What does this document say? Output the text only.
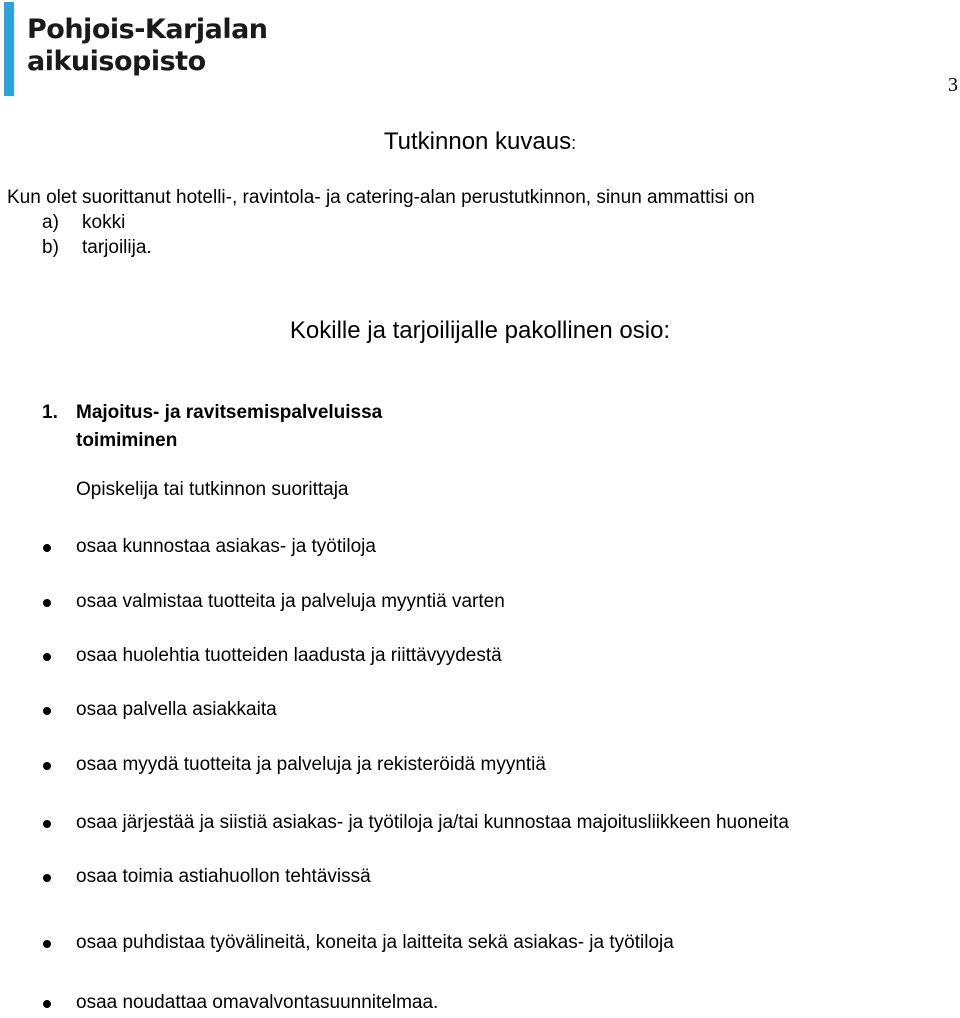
Pohjois-Karjalan
aikuisopisto
3
Tutkinnon kuvaus:
Kun olet suorittanut hotelli-, ravintola- ja catering-alan perustutkinnon, sinun ammattisi on
a) kokki
b) tarjoilija.
Kokille ja tarjoilijalle pakollinen osio:
1. Majoitus- ja ravitsemispalveluissa
toimiminen
Opiskelija tai tutkinnon suorittaja
osaa kunnostaa asiakas- ja työtiloja
osaa valmistaa tuotteita ja palveluja myyntiä varten
osaa huolehtia tuotteiden laadusta ja riittävyydestä
osaa palvella asiakkaita
osaa myydä tuotteita ja palveluja ja rekisteröidä myyntiä
osaa järjestää ja siistiä asiakas- ja työtiloja ja/tai kunnostaa majoitusliikkeen huoneita
osaa toimia astiahuollon tehtävissä
osaa puhdistaa työvälineitä, koneita ja laitteita sekä asiakas- ja työtiloja
osaa noudattaa omavalvontasuunnitelmaa.
